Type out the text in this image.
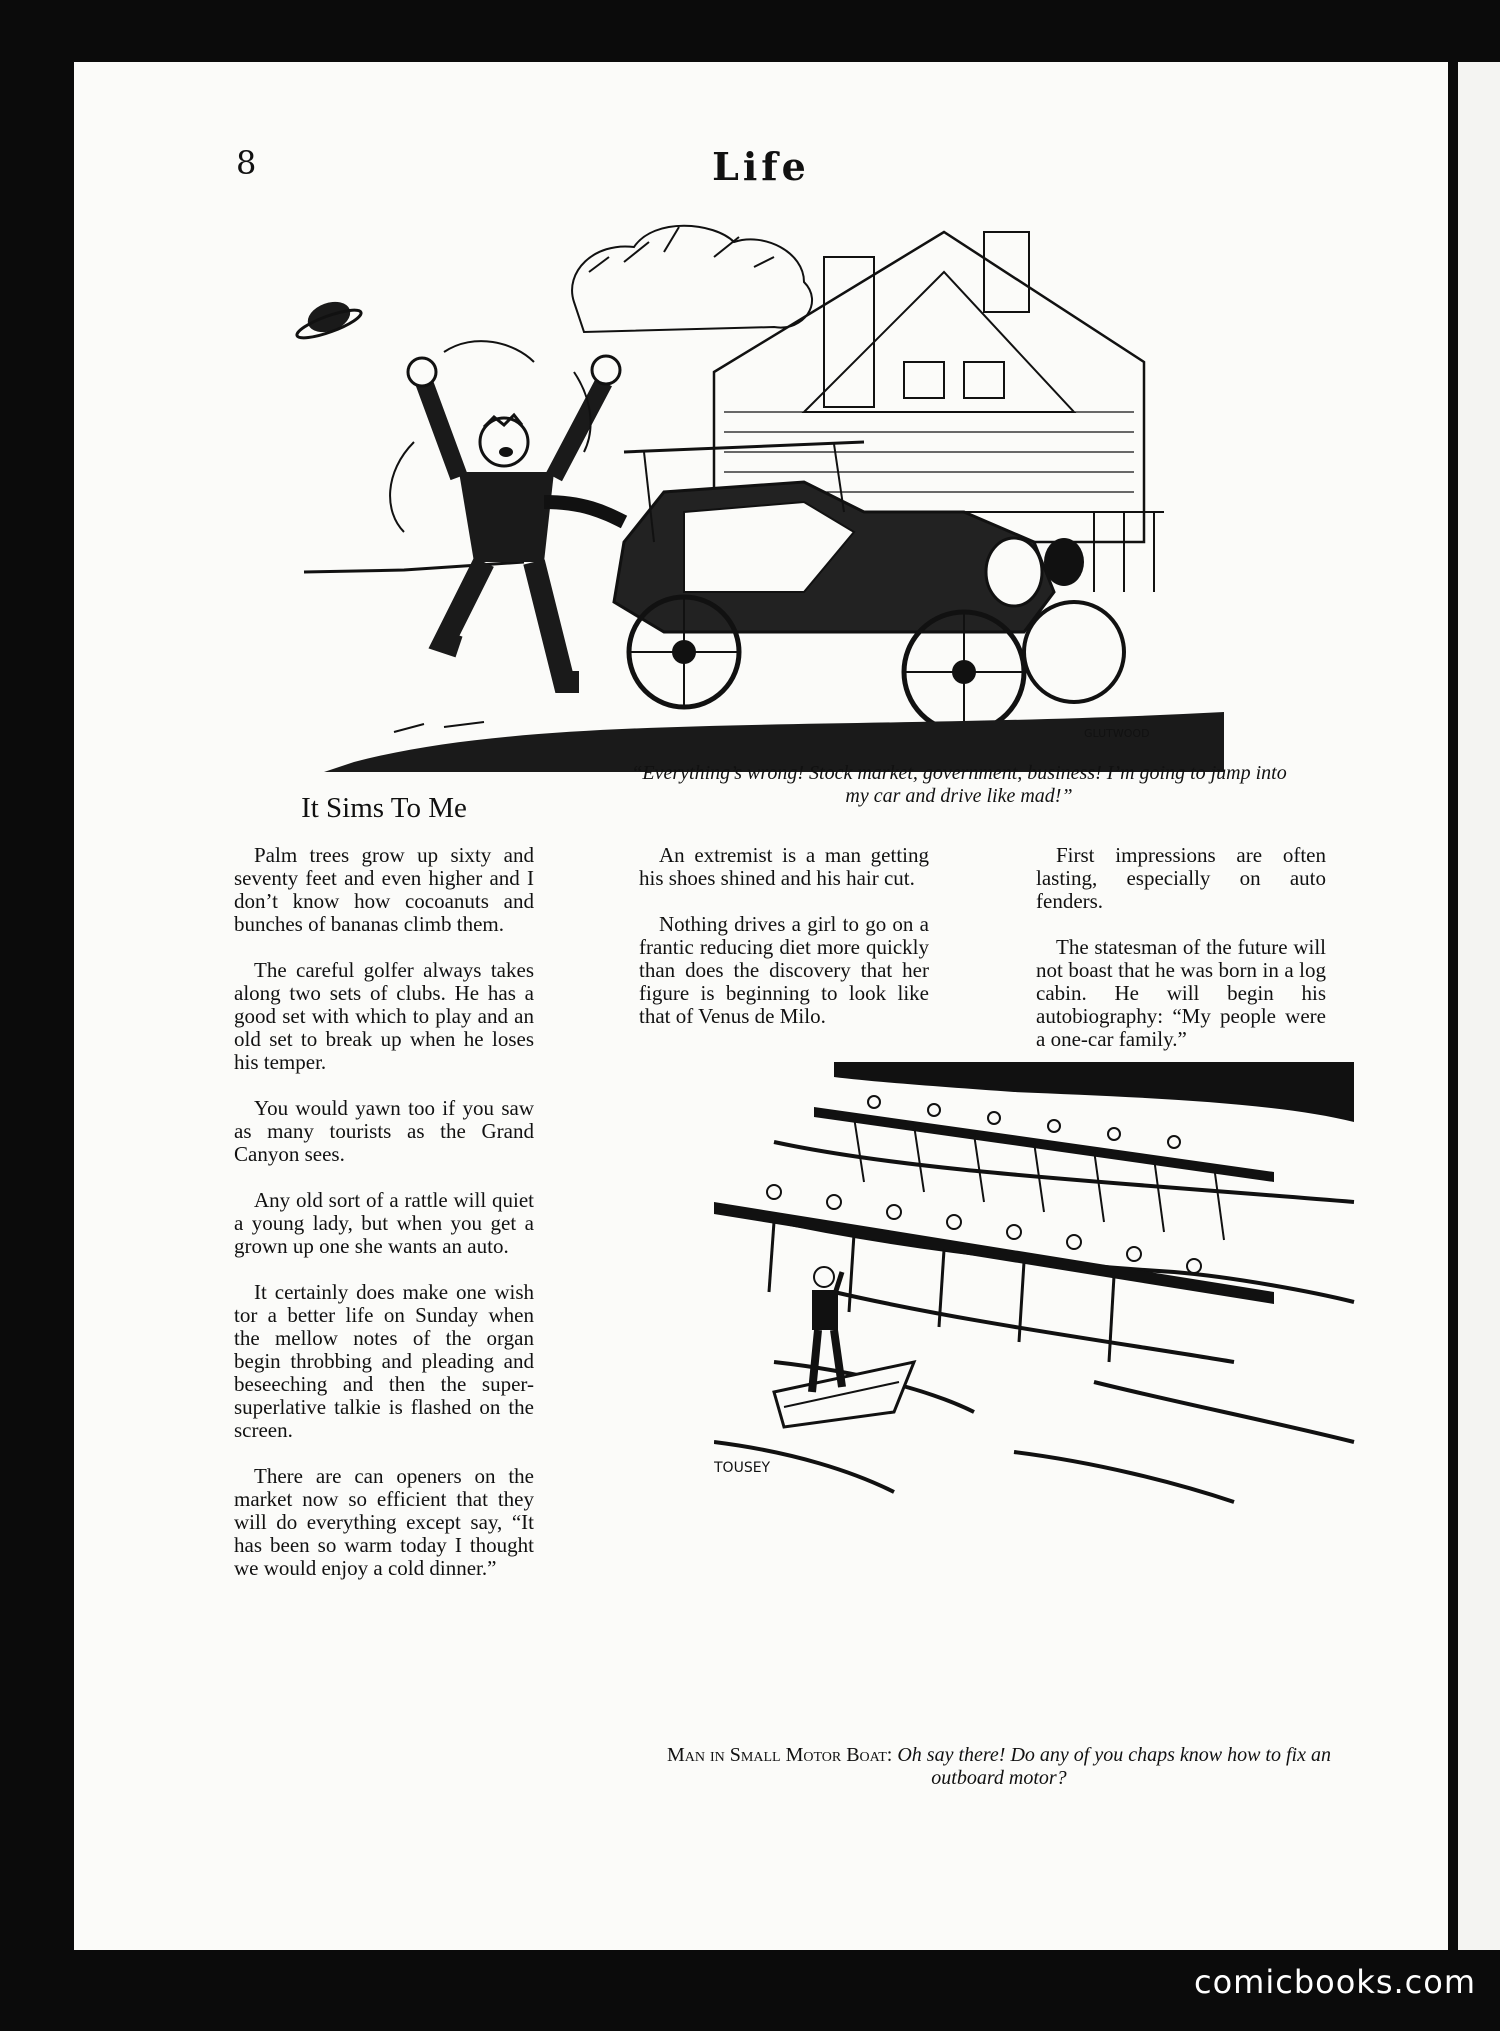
8	Life
GLUTWOOD
“Everything’s wrong! Stock market, government, business! I’m going to jump into my car and drive like mad!”
It Sims To Me

Palm trees grow up sixty and seventy feet and even higher and I don’t know how cocoanuts and bunches of bananas climb them.

The careful golfer always takes along two sets of clubs. He has a good set with which to play and an old set to break up when he loses his temper.

You would yawn too if you saw as many tourists as the Grand Canyon sees.

Any old sort of a rattle will quiet a young lady, but when you get a grown up one she wants an auto.

It certainly does make one wish tor a better life on Sunday when the mellow notes of the organ begin throbbing and pleading and beseeching and then the super-superlative talkie is flashed on the screen.

There are can openers on the market now so efficient that they will do everything except say, “It has been so warm today I thought we would enjoy a cold dinner.”

An extremist is a man getting his shoes shined and his hair cut.

Nothing drives a girl to go on a frantic reducing diet more quickly than does the discovery that her figure is beginning to look like that of Venus de Milo.

First impressions are often lasting, especially on auto fenders.

The statesman of the future will not boast that he was born in a log cabin. He will begin his autobiography: “My people were a one-car family.”

TOUSEY
Man in Small Motor Boat: Oh say there! Do any of you chaps know how to fix an outboard motor?
comicbooks.com
